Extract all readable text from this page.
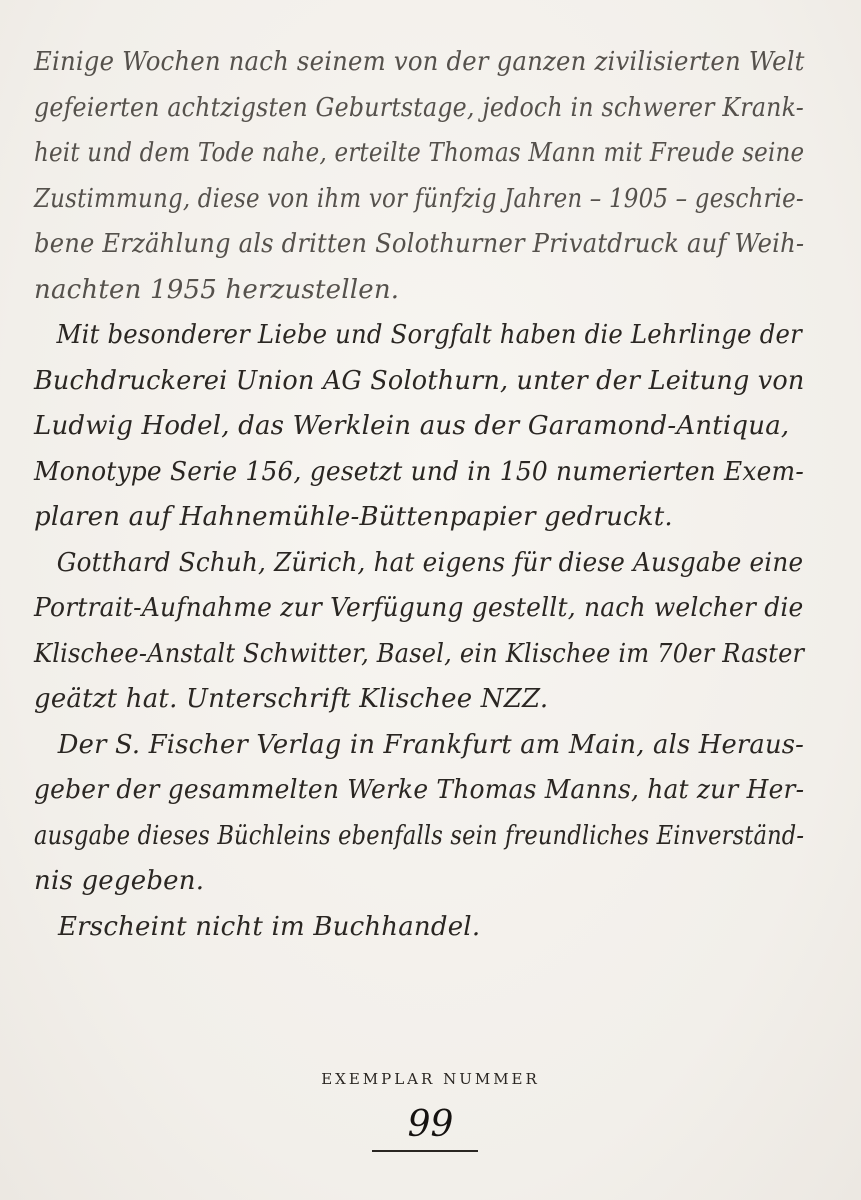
Einige Wochen nach seinem von der ganzen zivilisierten Welt
gefeierten achtzigsten Geburtstage, jedoch in schwerer Krank-
heit und dem Tode nahe, erteilte Thomas Mann mit Freude seine
Zustimmung, diese von ihm vor fünfzig Jahren – 1905 – geschrie-
bene Erzählung als dritten Solothurner Privatdruck auf Weih-
nachten 1955 herzustellen.
Mit besonderer Liebe und Sorgfalt haben die Lehrlinge der
Buchdruckerei Union AG Solothurn, unter der Leitung von
Ludwig Hodel, das Werklein aus der Garamond-Antiqua,
Monotype Serie 156, gesetzt und in 150 numerierten Exem-
plaren auf Hahnemühle-Büttenpapier gedruckt.
Gotthard Schuh, Zürich, hat eigens für diese Ausgabe eine
Portrait-Aufnahme zur Verfügung gestellt, nach welcher die
Klischee-Anstalt Schwitter, Basel, ein Klischee im 70er Raster
geätzt hat. Unterschrift Klischee NZZ.
Der S. Fischer Verlag in Frankfurt am Main, als Heraus-
geber der gesammelten Werke Thomas Manns, hat zur Her-
ausgabe dieses Büchleins ebenfalls sein freundliches Einverständ-
nis gegeben.
Erscheint nicht im Buchhandel.
EXEMPLAR NUMMER
99
